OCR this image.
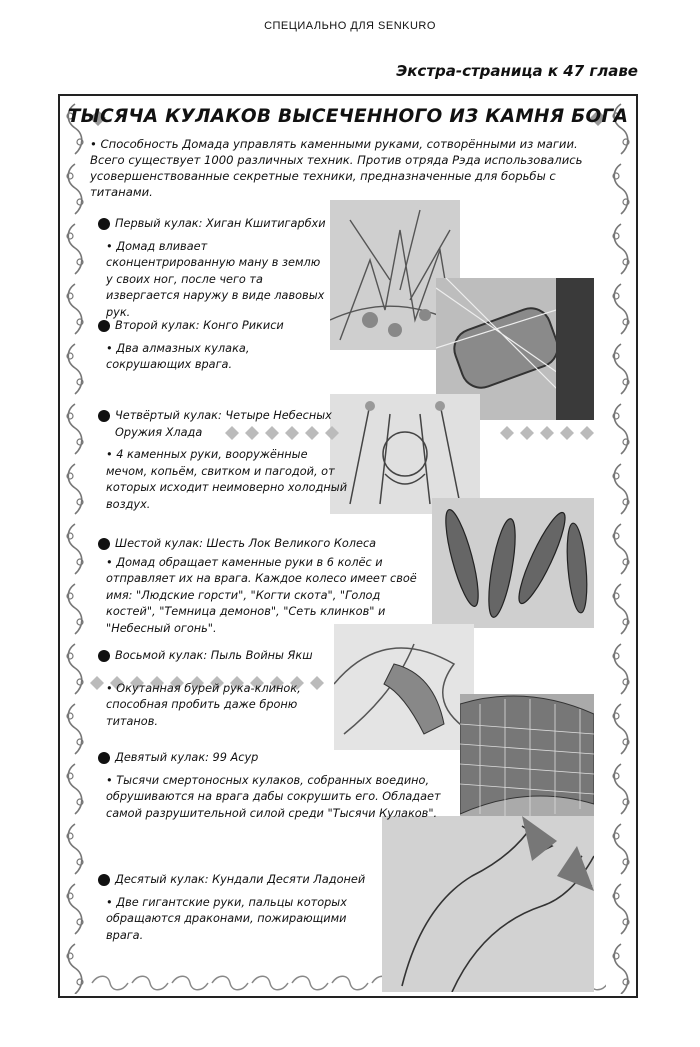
СПЕЦИАЛЬНО ДЛЯ SENKURO
Экстра-страница к 47 главе
ТЫСЯЧА КУЛАКОВ ВЫСЕЧЕННОГО ИЗ КАМНЯ БОГА
• Способность Домада управлять каменными руками, сотворёнными из магии. Всего существует 1000 различных техник. Против отряда Рэда использовались усовершенствованные секретные техники, предназначенные для борьбы с титанами.
Первый кулак: Хиган Кшитигарбхи
• Домад вливает сконцентрированную ману в землю у своих ног, после чего та извергается наружу в виде лавовых рук.
Второй кулак: Конго Рикиси
• Два алмазных кулака, сокрушающих врага.
Четвёртый кулак: Четыре Небесных Оружия Хлада
• 4 каменных руки, вооружённые мечом, копьём, свитком и пагодой, от которых исходит неимоверно холодный воздух.
Шестой кулак: Шесть Лок Великого Колеса
• Домад обращает каменные руки в 6 колёс и отправляет их на врага. Каждое колесо имеет своё имя: "Людские горсти", "Когти скота", "Голод костей", "Темница демонов", "Сеть клинков" и "Небесный огонь".
Восьмой кулак: Пыль Войны Якш
• Окутанная бурей рука-клинок, способная пробить даже броню титанов.
Девятый кулак: 99 Асур
• Тысячи смертоносных кулаков, собранных воедино, обрушиваются на врага дабы сокрушить его. Обладает самой разрушительной силой среди "Тысячи Кулаков".
Десятый кулак: Кундали Десяти Ладоней
• Две гигантские руки, пальцы которых обращаются драконами, пожирающими врага.
